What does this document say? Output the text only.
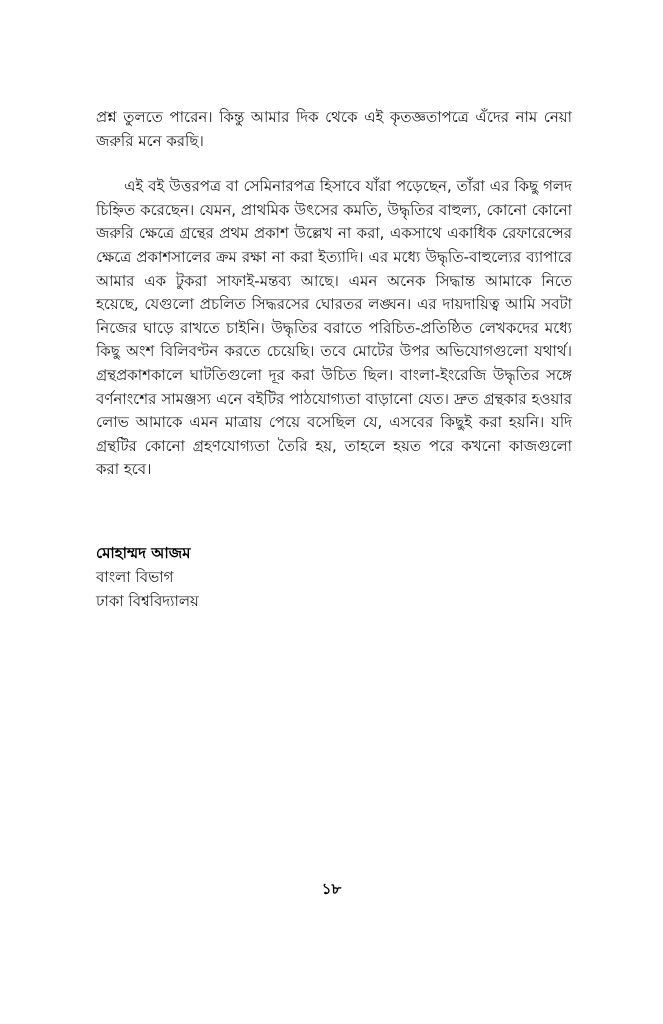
প্রশ্ন তুলতে পারেন। কিন্তু আমার দিক থেকে এই কৃতজ্ঞতাপত্রে এঁদের নাম নেয়া জরুরি মনে করছি।

এই বই উত্তরপত্র বা সেমিনারপত্র হিসাবে যাঁরা পড়েছেন, তাঁরা এর কিছু গলদ চিহ্নিত করেছেন। যেমন, প্রাথমিক উৎসের কমতি, উদ্ধৃতির বাহুল্য, কোনো কোনো জরুরি ক্ষেত্রে গ্রন্থের প্রথম প্রকাশ উল্লেখ না করা, একসাথে একাধিক রেফারেন্সের ক্ষেত্রে প্রকাশসালের ক্রম রক্ষা না করা ইত্যাদি। এর মধ্যে উদ্ধৃতি-বাহুল্যের ব্যাপারে আমার এক টুকরা সাফাই-মন্তব্য আছে। এমন অনেক সিদ্ধান্ত আমাকে নিতে হয়েছে, যেগুলো প্রচলিত সিদ্ধরসের ঘোরতর লঙ্ঘন। এর দায়দায়িত্ব আমি সবটা নিজের ঘাড়ে রাখতে চাইনি। উদ্ধৃতির বরাতে পরিচিত-প্রতিষ্ঠিত লেখকদের মধ্যে কিছু অংশ বিলিবণ্টন করতে চেয়েছি। তবে মোটের উপর অভিযোগগুলো যথার্থ। গ্রন্থপ্রকাশকালে ঘাটতিগুলো দূর করা উচিত ছিল। বাংলা-ইংরেজি উদ্ধৃতির সঙ্গে বর্ণনাংশের সামঞ্জস্য এনে বইটির পাঠযোগ্যতা বাড়ানো যেত। দ্রুত গ্রন্থকার হওয়ার লোভ আমাকে এমন মাত্রায় পেয়ে বসেছিল যে, এসবের কিছুই করা হয়নি। যদি গ্রন্থটির কোনো গ্রহণযোগ্যতা তৈরি হয়, তাহলে হয়ত পরে কখনো কাজগুলো করা হবে।

মোহাম্মদ আজম
বাংলা বিভাগ
ঢাকা বিশ্ববিদ্যালয়
১৮
